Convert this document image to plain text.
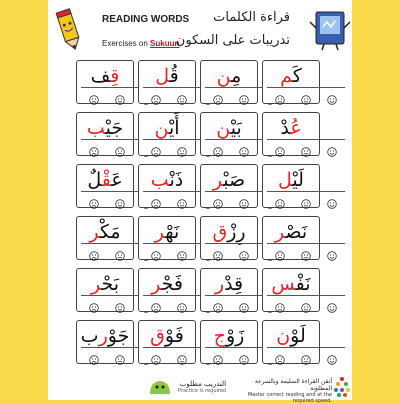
READING WORDS
Exercises on Sukuun
قراءة الكلمات
تدريبات على السكون
قِف	قُل	مِن	كَم
جَيْب	أَيْن	بَيْن	عُدْ
عَقْلٌ	ذَنْب	صَبْر	لَيْل
مَكْر	نَهْر	رِزْق	نَصْر
بَحْر	فَجْر	قِدْر	نَفْس
جَوْرب	فَوْق	زَوْج	لَوْن
التدريب مطلوب
Practice is required
أتقن القراءة السليمة وبالسرعة المطلوبة
Master correct reading and at the required speed.
